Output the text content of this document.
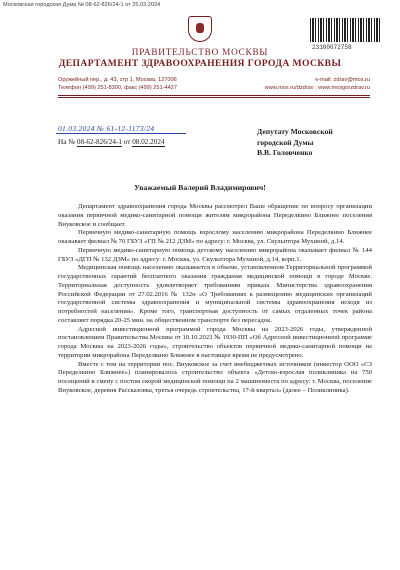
Московская городская Дума № 08-62-826/24-1 от 25.03.2024
23100072758
ПРАВИТЕЛЬСТВО МОСКВЫ
ДЕПАРТАМЕНТ ЗДРАВООХРАНЕНИЯ ГОРОДА МОСКВЫ
Оружейный пер., д. 43, стр 1, Москва, 127006
Телефон (499) 251-8300, факс (499) 251-4427
e-mail: zdrav@mos.ru
www.mos.ru/dzdrav ; www.mosgorzdrav.ru
01.03.2024 № 61-12-1173/24
На № 08-62-826/24-1 от 08.02.2024
Депутату Московской
городской Думы
В.В. Головченко
Уважаемый Валерий Владимирович!

Департамент здравоохранения города Москвы рассмотрел Ваше обращение по вопросу организации оказания первичной медико-санитарной помощи жителям микрорайона Переделкино Ближнее поселения Внуковское и сообщает.

Первичную медико-санитарную помощь взрослому населению микрорайона Переделкино Ближнее оказывает филиал № 70 ГБУЗ «ГП № 212 ДЗМ» по адресу: г. Москва, ул. Скульптора Мухиной, д.14.

Первичную медико-санитарную помощь детскому населению микрорайона оказывает филиал № 144 ГБУЗ «ДГП № 132 ДЗМ» по адресу: г. Москва, ул. Скульптора Мухиной, д.14, корп.1.

Медицинская помощь населению оказывается в объеме, установленном Территориальной программой государственных гарантий бесплатного оказания гражданам медицинской помощи в городе Москве. Территориальная доступность удовлетворяет требованиям приказа Министерства здравоохранения Российской Федерации от 27.02.2016 № 132н «О Требованиях к размещению медицинских организаций государственной системы здравоохранения и муниципальной системы здравоохранения исходя из потребностей населения». Кроме того, транспортная доступность от самых отдаленных точек района составляет порядка 20-25 мин. на общественном транспорте без пересадок.

Адресной инвестиционной программой города Москвы на 2023-2026 годы, утвержденной постановлением Правительства Москвы от 10.10.2023 № 1930-ПП «Об Адресной инвестиционной программе города Москвы на 2023-2026 годы», строительство объектов первичной медико-санитарной помощи на территории микрорайона Переделкино Ближнее в настоящее время не предусмотрено.

Вместе с тем на территории пос. Внуковское за счет внебюджетных источников (инвестор ООО «СЗ Переделкино Ближнее») планировалось строительство объекта «Детско-взрослая поликлиника на 750 посещений в смену с постом скорой медицинской помощи на 2 машиноместа по адресу: г. Москва, поселение Внуковское, деревня Рассказовка, третья очередь строительства, 17-й квартал» (далее – Поликлиника).
